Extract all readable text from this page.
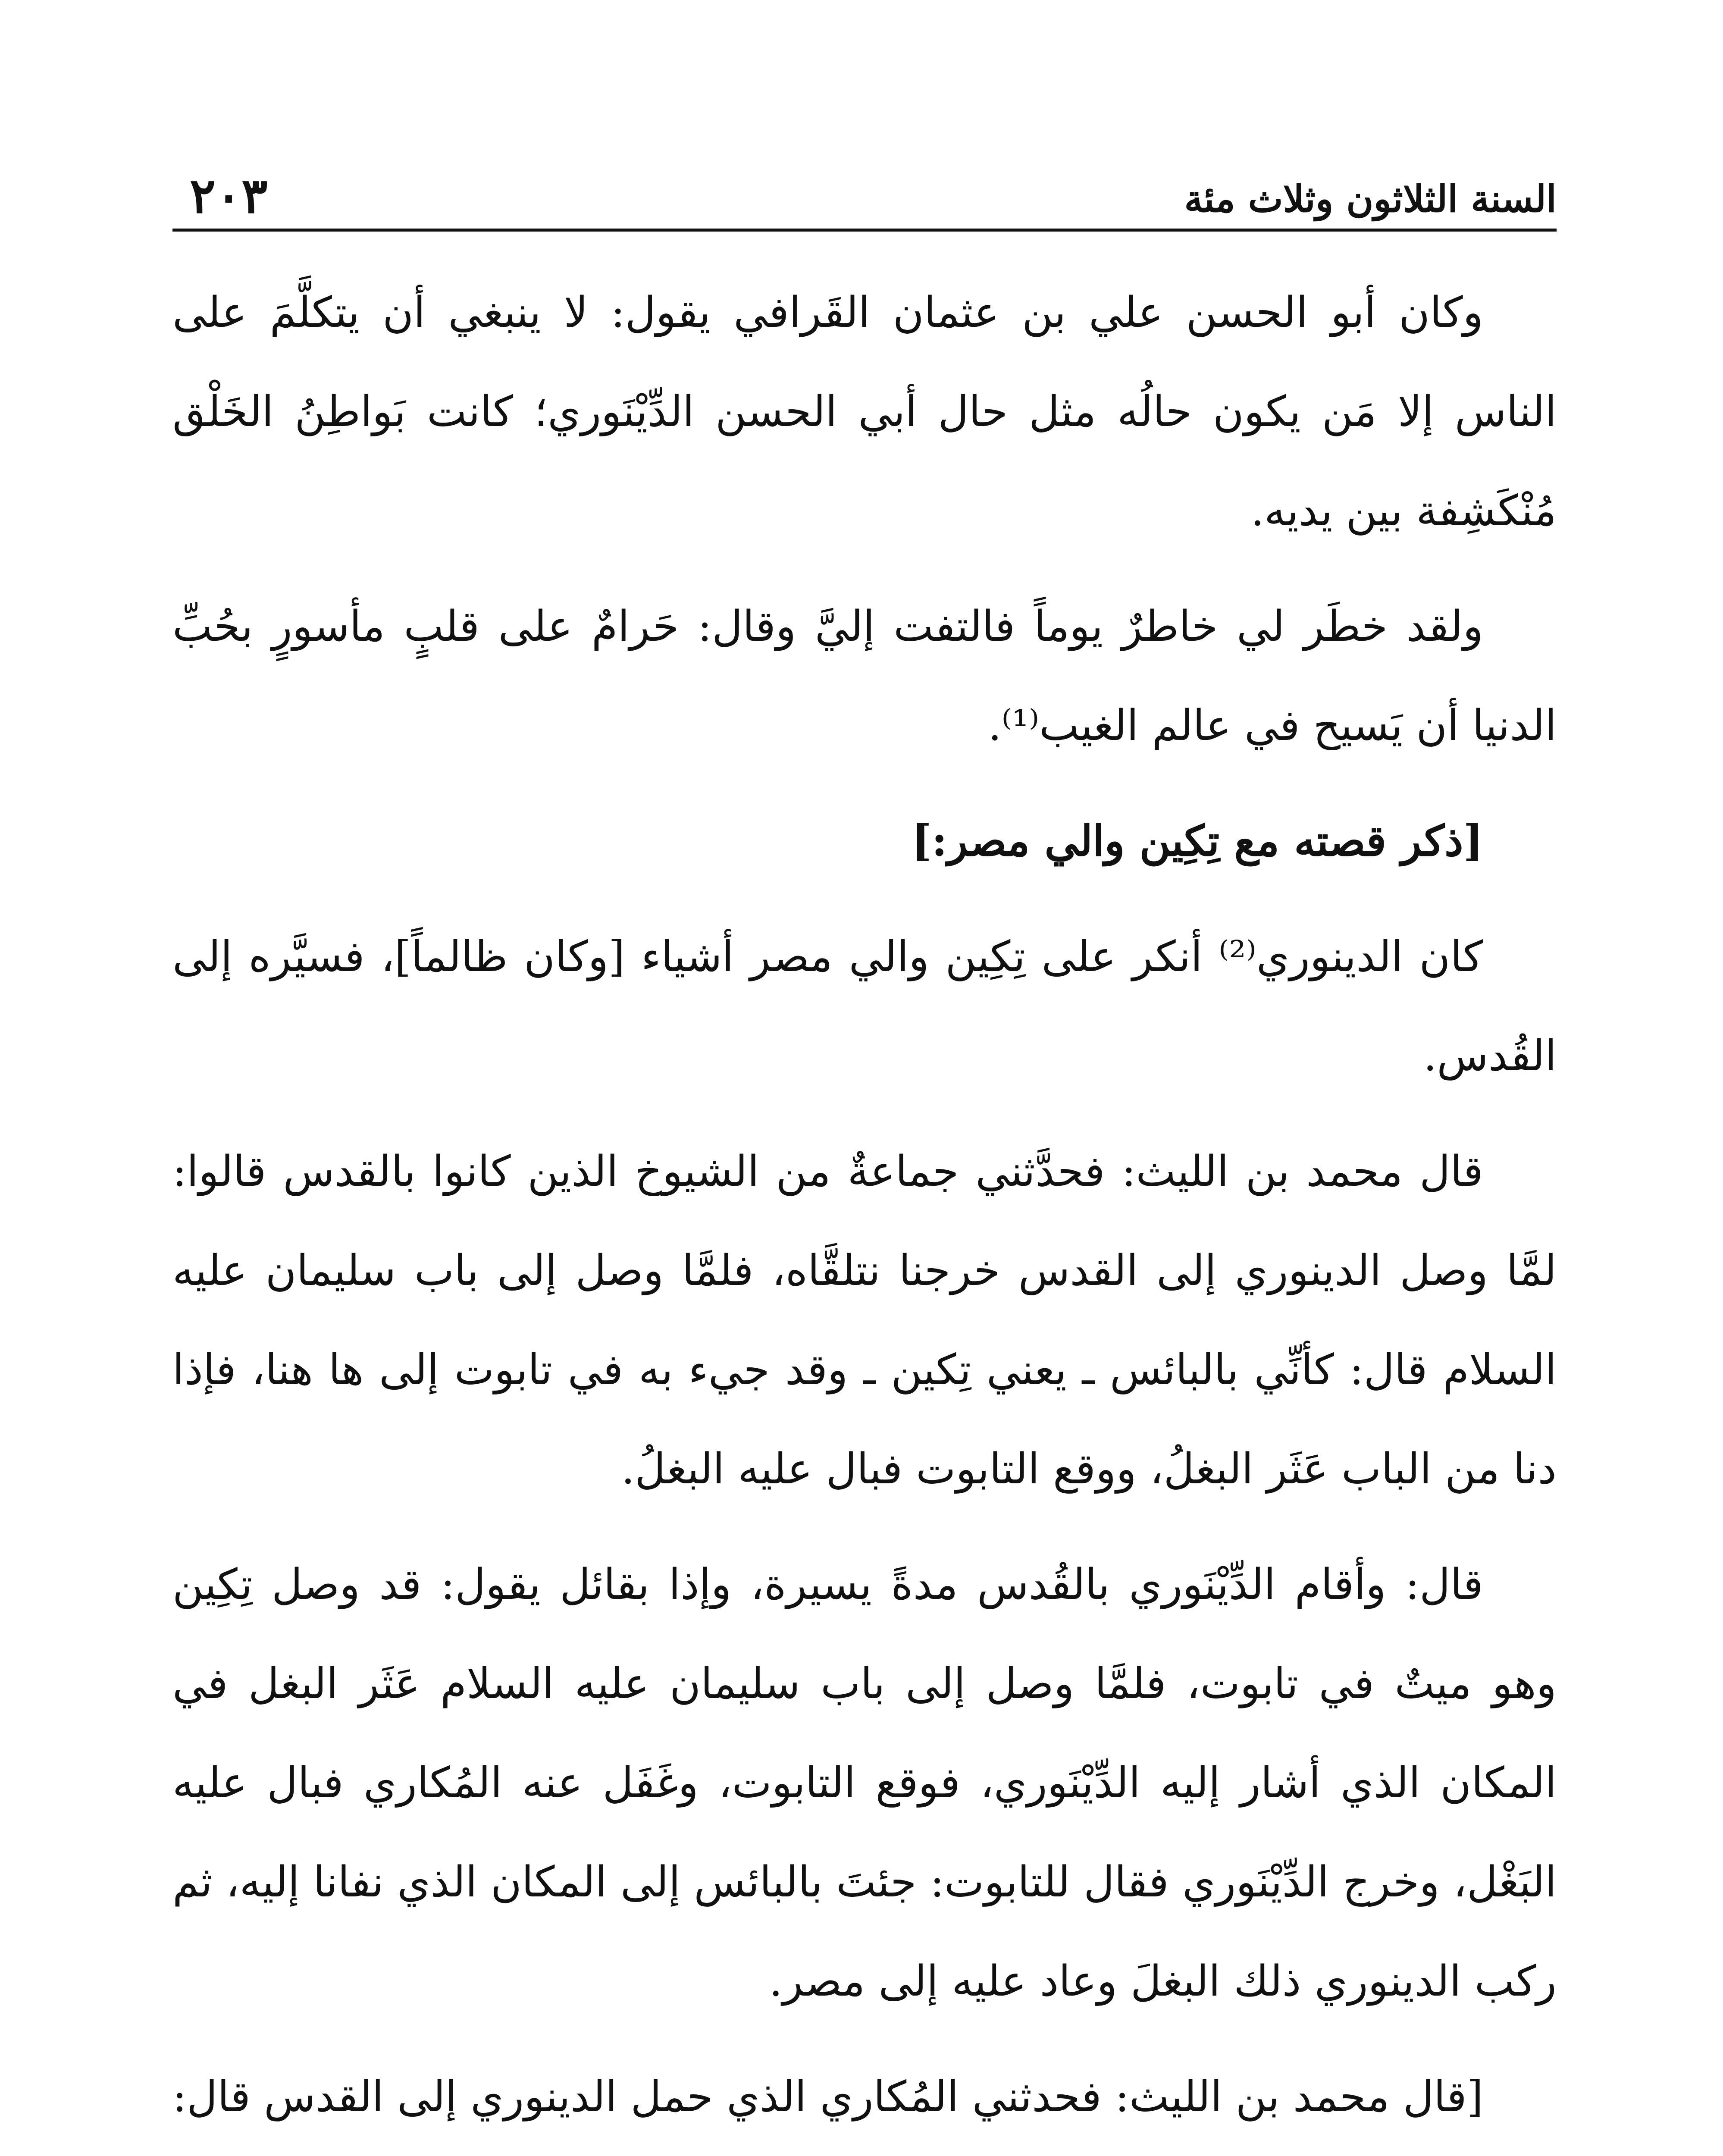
السنة الثلاثون وثلاث مئة
٢٠٣

وكان أبو الحسن علي بن عثمان القَرافي يقول: لا ينبغي أن يتكلَّمَ على الناس إلا مَن يكون حالُه مثل حال أبي الحسن الدِّيْنَوري؛ كانت بَواطِنُ الخَلْق مُنْكَشِفة بين يديه.

ولقد خطَر لي خاطرٌ يوماً فالتفت إليَّ وقال: حَرامٌ على قلبٍ مأسورٍ بحُبِّ الدنيا أن يَسيح في عالم الغيب⁽¹⁾.

[ذكر قصته مع تِكِين والي مصر:]

كان الدينوري⁽²⁾ أنكر على تِكِين والي مصر أشياء [وكان ظالماً]، فسيَّره إلى القُدس.

قال محمد بن الليث: فحدَّثني جماعةٌ من الشيوخ الذين كانوا بالقدس قالوا: لمَّا وصل الدينوري إلى القدس خرجنا نتلقَّاه، فلمَّا وصل إلى باب سليمان عليه السلام قال: كأنِّي بالبائس ـ يعني تِكين ـ وقد جيء به في تابوت إلى ها هنا، فإذا دنا من الباب عَثَر البغلُ، ووقع التابوت فبال عليه البغلُ.

قال: وأقام الدِّيْنَوري بالقُدس مدةً يسيرة، وإذا بقائل يقول: قد وصل تِكِين وهو ميتٌ في تابوت، فلمَّا وصل إلى باب سليمان عليه السلام عَثَر البغل في المكان الذي أشار إليه الدِّيْنَوري، فوقع التابوت، وغَفَل عنه المُكاري فبال عليه البَغْل، وخرج الدِّيْنَوري فقال للتابوت: جئتَ بالبائس إلى المكان الذي نفانا إليه، ثم ركب الدينوري ذلك البغلَ وعاد عليه إلى مصر.

[قال محمد بن الليث: فحدثني المُكاري الذي حمل الدينوري إلى القدس قال:
